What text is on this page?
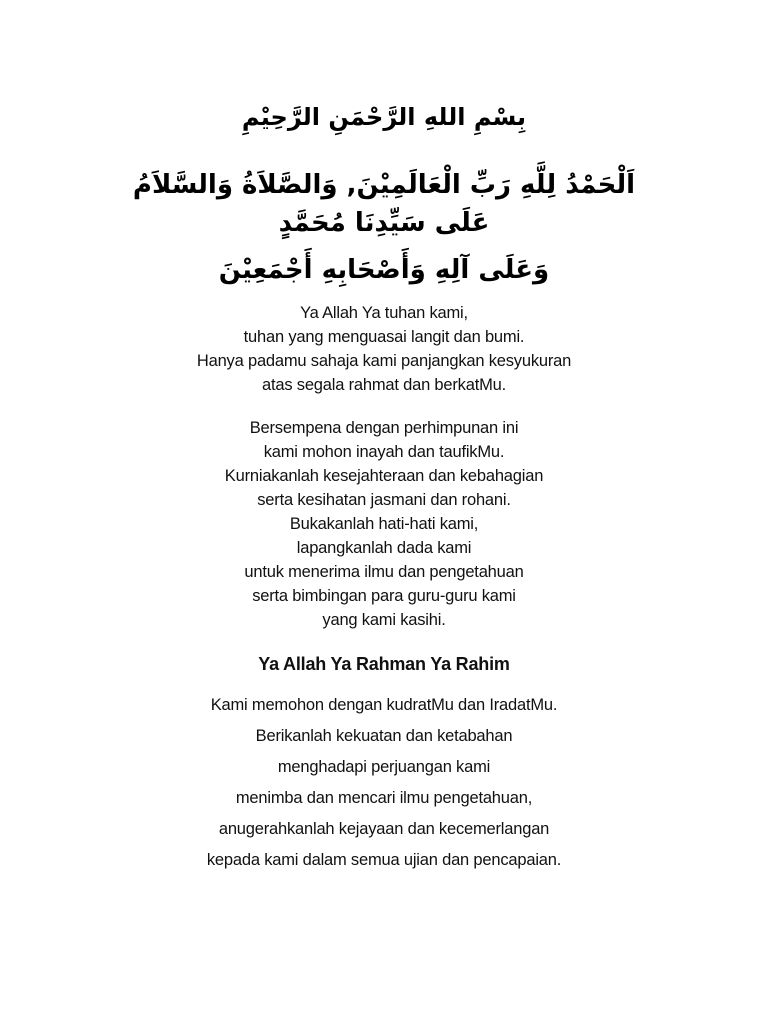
بِسْمِ اللهِ الرَّحْمَنِ الرَّحِيْمِ

اَلْحَمْدُ لِلَّهِ رَبِّ الْعَالَمِيْنَ, وَالصَّلاَةُ وَالسَّلاَمُ عَلَى سَيِّدِنَا مُحَمَّدٍ

وَعَلَى آلِهِ وَأَصْحَابِهِ أَجْمَعِيْنَ

Ya Allah Ya tuhan kami,
tuhan yang menguasai langit dan bumi.
Hanya padamu sahaja kami panjangkan kesyukuran
atas segala rahmat dan berkatMu.
Bersempena dengan perhimpunan ini
kami mohon inayah dan taufikMu.
Kurniakanlah kesejahteraan dan kebahagian
serta kesihatan jasmani dan rohani.
Bukakanlah hati-hati kami,
lapangkanlah dada kami
untuk menerima ilmu dan pengetahuan
serta bimbingan para guru-guru kami
yang kami kasihi.

Ya Allah Ya Rahman Ya Rahim

Kami memohon dengan kudratMu dan IradatMu.
Berikanlah kekuatan dan ketabahan
menghadapi perjuangan kami
menimba dan mencari ilmu pengetahuan,
anugerahkanlah kejayaan dan kecemerlangan
kepada kami dalam semua ujian dan pencapaian.
